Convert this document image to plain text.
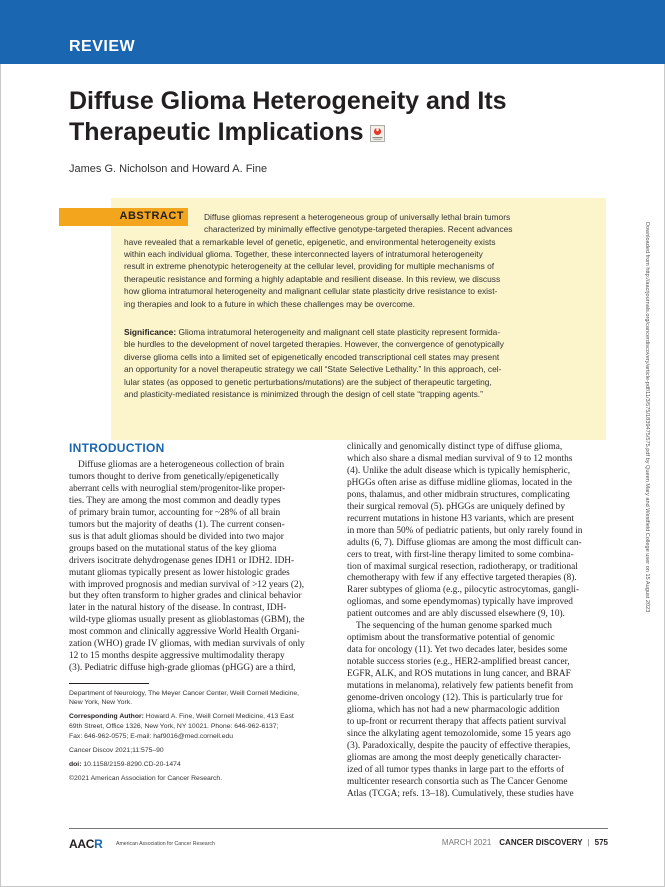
REVIEW
Diffuse Glioma Heterogeneity and Its
Therapeutic Implications
James G. Nicholson and Howard A. Fine
ABSTRACT Diffuse gliomas represent a heterogeneous group of universally lethal brain tumors
characterized by minimally effective genotype-targeted therapies. Recent advances
have revealed that a remarkable level of genetic, epigenetic, and environmental heterogeneity exists
within each individual glioma. Together, these interconnected layers of intratumoral heterogeneity
result in extreme phenotypic heterogeneity at the cellular level, providing for multiple mechanisms of
therapeutic resistance and forming a highly adaptable and resilient disease. In this review, we discuss
how glioma intratumoral heterogeneity and malignant cellular state plasticity drive resistance to exist-
ing therapies and look to a future in which these challenges may be overcome.
Significance: Glioma intratumoral heterogeneity and malignant cell state plasticity represent formida-
ble hurdles to the development of novel targeted therapies. However, the convergence of genotypically
diverse glioma cells into a limited set of epigenetically encoded transcriptional cell states may present
an opportunity for a novel therapeutic strategy we call “State Selective Lethality.” In this approach, cel-
lular states (as opposed to genetic perturbations/mutations) are the subject of therapeutic targeting,
and plasticity-mediated resistance is minimized through the design of cell state “trapping agents.”
INTRODUCTION
Diffuse gliomas are a heterogeneous collection of brain
tumors thought to derive from genetically/epigenetically
aberrant cells with neuroglial stem/progenitor-like proper-
ties. They are among the most common and deadly types
of primary brain tumor, accounting for ~28% of all brain
tumors but the majority of deaths (1). The current consen-
sus is that adult gliomas should be divided into two major
groups based on the mutational status of the key glioma
drivers isocitrate dehydrogenase genes IDH1 or IDH2. IDH-
mutant gliomas typically present as lower histologic grades
with improved prognosis and median survival of >12 years (2),
but they often transform to higher grades and clinical behavior
later in the natural history of the disease. In contrast, IDH-
wild-type gliomas usually present as glioblastomas (GBM), the
most common and clinically aggressive World Health Organi-
zation (WHO) grade IV gliomas, with median survivals of only
12 to 15 months despite aggressive multimodality therapy
(3). Pediatric diffuse high-grade gliomas (pHGG) are a third,
clinically and genomically distinct type of diffuse glioma,
which also share a dismal median survival of 9 to 12 months
(4). Unlike the adult disease which is typically hemispheric,
pHGGs often arise as diffuse midline gliomas, located in the
pons, thalamus, and other midbrain structures, complicating
their surgical removal (5). pHGGs are uniquely defined by
recurrent mutations in histone H3 variants, which are present
in more than 50% of pediatric patients, but only rarely found in
adults (6, 7). Diffuse gliomas are among the most difficult can-
cers to treat, with first-line therapy limited to some combina-
tion of maximal surgical resection, radiotherapy, or traditional
chemotherapy with few if any effective targeted therapies (8).
Rarer subtypes of glioma (e.g., pilocytic astrocytomas, gangli-
ogliomas, and some ependymomas) typically have improved
patient outcomes and are ably discussed elsewhere (9, 10).
The sequencing of the human genome sparked much
optimism about the transformative potential of genomic
data for oncology (11). Yet two decades later, besides some
notable success stories (e.g., HER2-amplified breast cancer,
EGFR, ALK, and ROS mutations in lung cancer, and BRAF
mutations in melanoma), relatively few patients benefit from
genome-driven oncology (12). This is particularly true for
glioma, which has not had a new pharmacologic addition
to up-front or recurrent therapy that affects patient survival
since the alkylating agent temozolomide, some 15 years ago
(3). Paradoxically, despite the paucity of effective therapies,
gliomas are among the most deeply genetically character-
ized of all tumor types thanks in large part to the efforts of
multicenter research consortia such as The Cancer Genome
Atlas (TCGA; refs. 13–18). Cumulatively, these studies have
Department of Neurology, The Meyer Cancer Center, Weill Cornell Medicine,
New York, New York.
Corresponding Author: Howard A. Fine, Weill Cornell Medicine, 413 East
69th Street, Office 1326, New York, NY 10021. Phone: 646-962-6137;
Fax: 646-962-0575; E-mail: haf9016@med.cornell.edu
Cancer Discov 2021;11:575–90
doi: 10.1158/2159-8290.CD-20-1474
©2021 American Association for Cancer Research.
AACR	American Association for Cancer Research	MARCH 2021 CANCER DISCOVERY | 575
Downloaded from http://aacrjournals.org/cancerdiscovery/article-pdf/11/3/575/1839475/575.pdf by Queen Mary and Westfield College user on 15 August 2023
